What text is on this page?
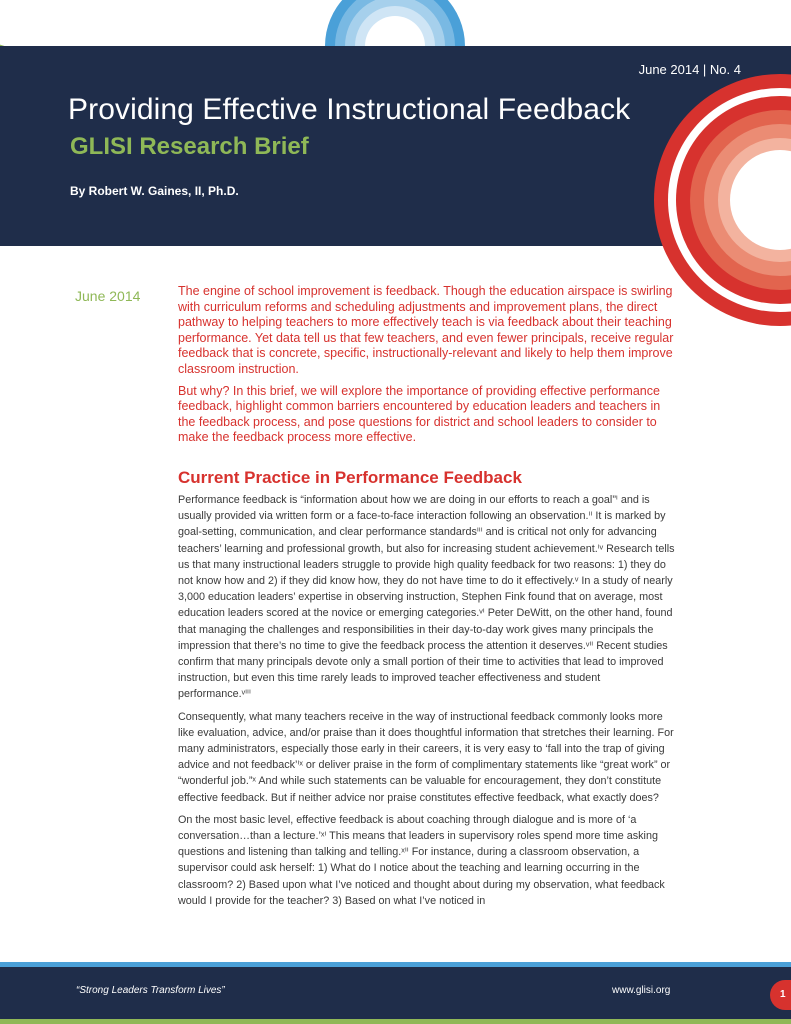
June 2014 | No. 4
Providing Effective Instructional Feedback
GLISI Research Brief
By Robert W. Gaines, II, Ph.D.
June 2014	The engine of school improvement is feedback. Though the education airspace is swirling with curriculum reforms and scheduling adjustments and improvement plans, the direct pathway to helping teachers to more effectively teach is via feedback about their teaching performance. Yet data tell us that few teachers, and even fewer principals, receive regular feedback that is concrete, specific, instructionally-relevant and likely to help them improve classroom instruction.

But why? In this brief, we will explore the importance of providing effective performance feedback, highlight common barriers encountered by education leaders and teachers in the feedback process, and pose questions for district and school leaders to consider to make the feedback process more effective.

Current Practice in Performance Feedback

Performance feedback is “information about how we are doing in our efforts to reach a goal”ⁱ and is usually provided via written form or a face-to-face interaction following an observation.ⁱⁱ It is marked by goal-setting, communication, and clear performance standardsⁱⁱⁱ and is critical not only for advancing teachers’ learning and professional growth, but also for increasing student achievement.ⁱᵛ Research tells us that many instructional leaders struggle to provide high quality feedback for two reasons: 1) they do not know how and 2) if they did know how, they do not have time to do it effectively.ᵛ In a study of nearly 3,000 education leaders’ expertise in observing instruction, Stephen Fink found that on average, most education leaders scored at the novice or emerging categories.ᵛⁱ Peter DeWitt, on the other hand, found that managing the challenges and responsibilities in their day-to-day work gives many principals the impression that there’s no time to give the feedback process the attention it deserves.ᵛⁱⁱ Recent studies confirm that many principals devote only a small portion of their time to activities that lead to improved instruction, but even this time rarely leads to improved teacher effectiveness and student performance.ᵛⁱⁱⁱ

Consequently, what many teachers receive in the way of instructional feedback commonly looks more like evaluation, advice, and/or praise than it does thoughtful information that stretches their learning. For many administrators, especially those early in their careers, it is very easy to ‘fall into the trap of giving advice and not feedback’ⁱˣ or deliver praise in the form of complimentary statements like “great work” or “wonderful job.”ˣ And while such statements can be valuable for encouragement, they don’t constitute effective feedback. But if neither advice nor praise constitutes effective feedback, what exactly does?

On the most basic level, effective feedback is about coaching through dialogue and is more of ‘a conversation…than a lecture.’ˣⁱ This means that leaders in supervisory roles spend more time asking questions and listening than talking and telling.ˣⁱⁱ For instance, during a classroom observation, a supervisor could ask herself: 1) What do I notice about the teaching and learning occurring in the classroom? 2) Based upon what I’ve noticed and thought about during my observation, what feedback would I provide for the teacher? 3) Based on what I’ve noticed in

“Strong Leaders Transform Lives”	www.glisi.org	1
